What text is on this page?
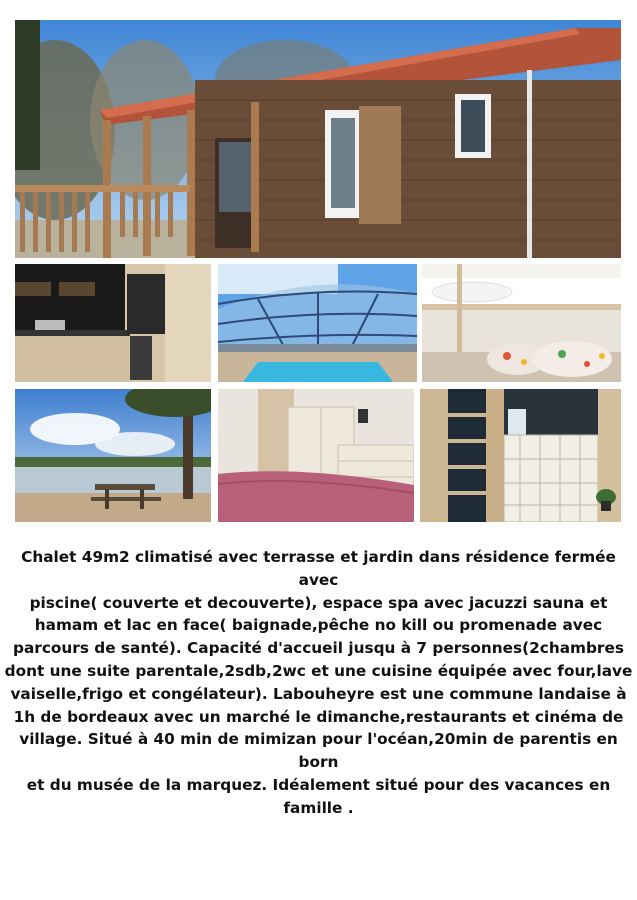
Chalet 49m2 climatisé avec terrasse et jardin dans résidence fermée avec
piscine( couverte et decouverte), espace spa avec jacuzzi sauna et
hamam et lac en face( baignade,pêche no kill ou promenade avec
parcours de santé). Capacité d'accueil jusqu à 7 personnes(2chambres
dont une suite parentale,2sdb,2wc et une cuisine équipée avec four,lave
vaiselle,frigo et congélateur). Labouheyre est une commune landaise à
1h de bordeaux avec un marché le dimanche,restaurants et cinéma de
village. Situé à 40 min de mimizan pour l'océan,20min de parentis en born
et du musée de la marquez. Idéalement situé pour des vacances en
famille .
